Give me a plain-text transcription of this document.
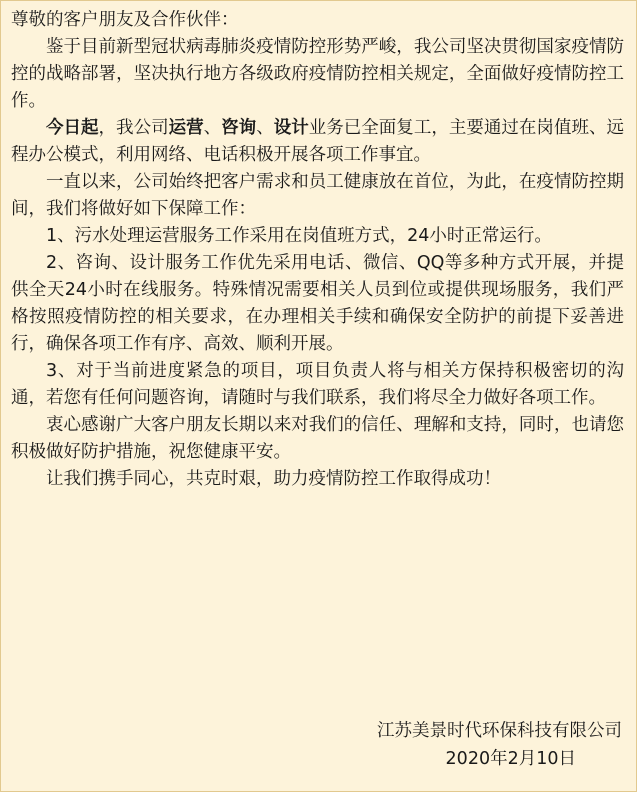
尊敬的客户朋友及合作伙伴：

鉴于目前新型冠状病毒肺炎疫情防控形势严峻，我公司坚决贯彻国家疫情防控的战略部署，坚决执行地方各级政府疫情防控相关规定，全面做好疫情防控工作。

今日起，我公司运营、咨询、设计业务已全面复工，主要通过在岗值班、远程办公模式，利用网络、电话积极开展各项工作事宜。

一直以来，公司始终把客户需求和员工健康放在首位，为此，在疫情防控期间，我们将做好如下保障工作：

1、污水处理运营服务工作采用在岗值班方式，24小时正常运行。

2、咨询、设计服务工作优先采用电话、微信、QQ等多种方式开展，并提供全天24小时在线服务。特殊情况需要相关人员到位或提供现场服务，我们严格按照疫情防控的相关要求，在办理相关手续和确保安全防护的前提下妥善进行，确保各项工作有序、高效、顺利开展。

3、对于当前进度紧急的项目，项目负责人将与相关方保持积极密切的沟通，若您有任何问题咨询，请随时与我们联系，我们将尽全力做好各项工作。

衷心感谢广大客户朋友长期以来对我们的信任、理解和支持，同时，也请您积极做好防护措施，祝您健康平安。

让我们携手同心，共克时艰，助力疫情防控工作取得成功！

江苏美景时代环保科技有限公司
2020年2月10日
